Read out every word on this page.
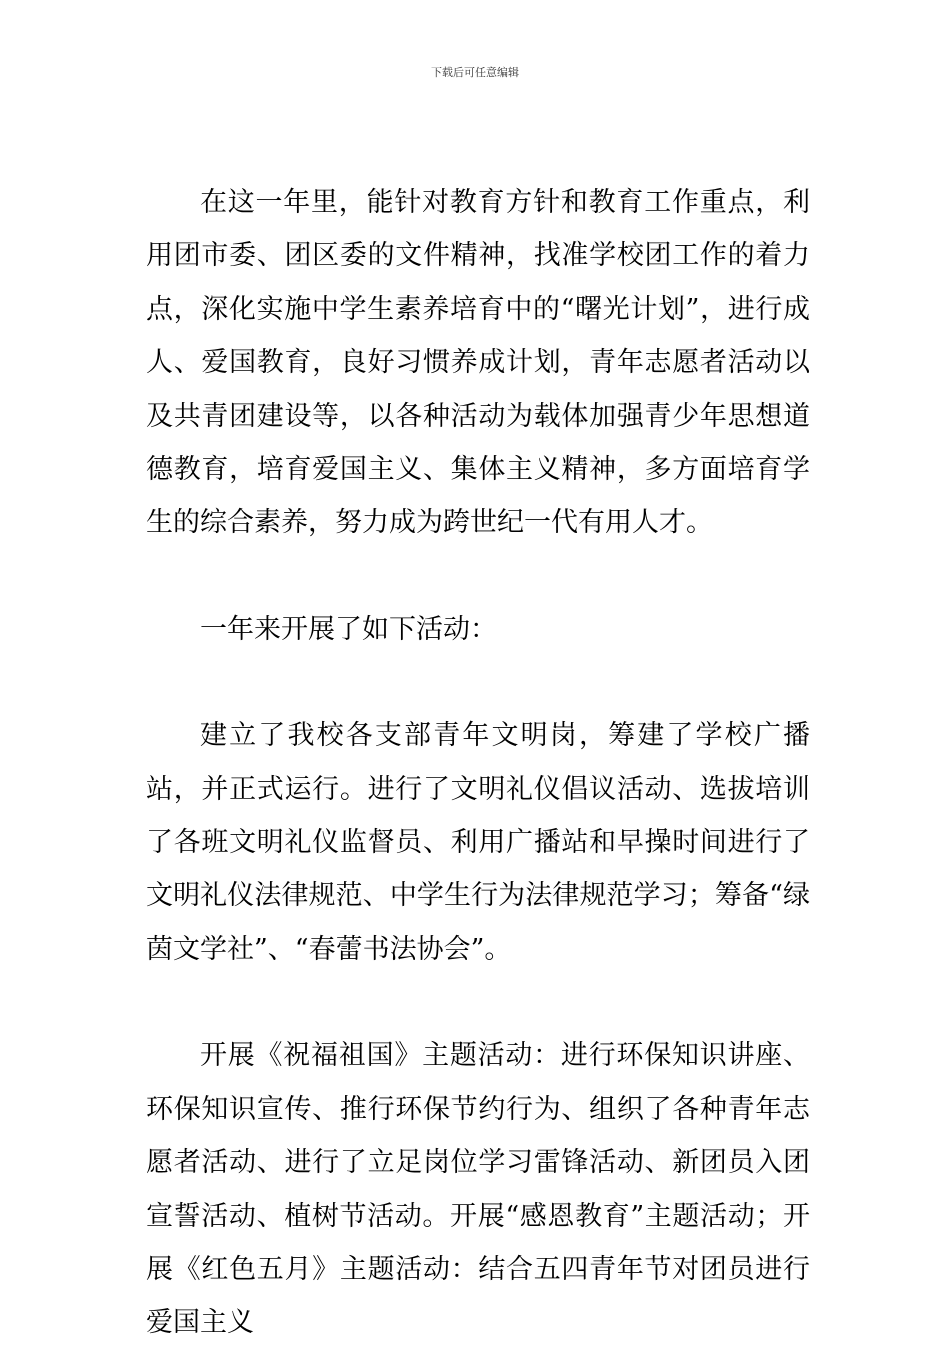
下载后可任意编辑

在这一年里，能针对教育方针和教育工作重点，利用团市委、团区委的文件精神，找准学校团工作的着力点，深化实施中学生素养培育中的“曙光计划”，进行成人、爱国教育，良好习惯养成计划，青年志愿者活动以及共青团建设等，以各种活动为载体加强青少年思想道德教育，培育爱国主义、集体主义精神，多方面培育学生的综合素养，努力成为跨世纪一代有用人才。

一年来开展了如下活动：

建立了我校各支部青年文明岗，筹建了学校广播站，并正式运行。进行了文明礼仪倡议活动、选拔培训了各班文明礼仪监督员、利用广播站和早操时间进行了文明礼仪法律规范、中学生行为法律规范学习；筹备“绿茵文学社”、“春蕾书法协会”。

开展《祝福祖国》主题活动：进行环保知识讲座、环保知识宣传、推行环保节约行为、组织了各种青年志愿者活动、进行了立足岗位学习雷锋活动、新团员入团宣誓活动、植树节活动。开展“感恩教育”主题活动；开展《红色五月》主题活动：结合五四青年节对团员进行爱国主义
